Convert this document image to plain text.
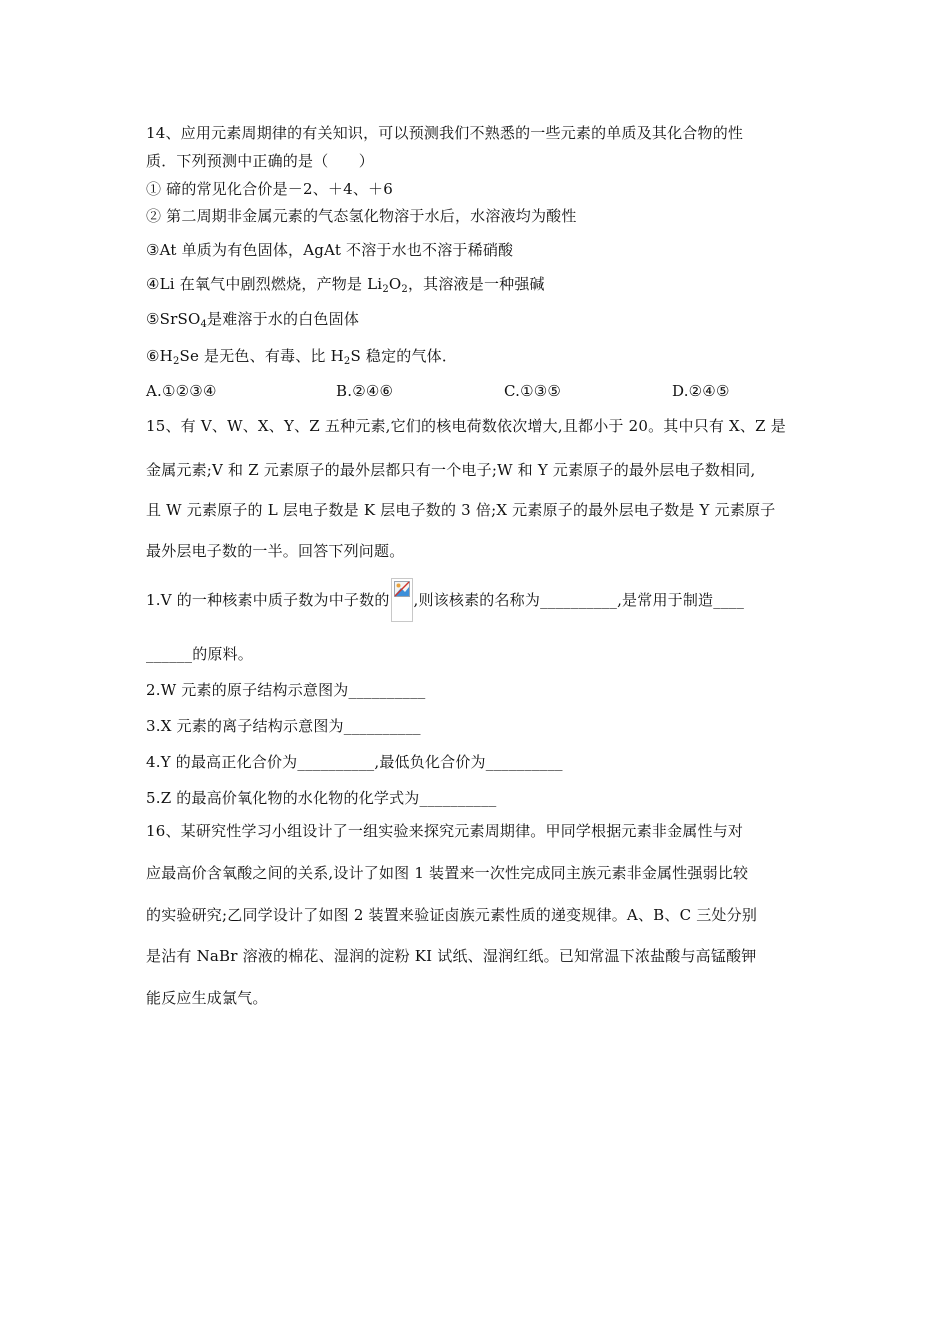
14、应用元素周期律的有关知识，可以预测我们不熟悉的一些元素的单质及其化合物的性
质．下列预测中正确的是（　　）
① 碲的常见化合价是－2、＋4、＋6
② 第二周期非金属元素的气态氢化物溶于水后，水溶液均为酸性
③At 单质为有色固体，AgAt 不溶于水也不溶于稀硝酸
④Li 在氧气中剧烈燃烧，产物是 $Li_2O_2$，其溶液是一种强碱
⑤SrSO$_4$是难溶于水的白色固体
$⑥H_2Se$ 是无色、有毒、比 $H_2S$ 稳定的气体．
A.①②③④	B.②④⑥	C.①③⑤	D.②④⑤
15、有 V、W、X、Y、Z 五种元素,它们的核电荷数依次增大,且都小于 20。其中只有 X、Z 是
金属元素;V 和 Z 元素原子的最外层都只有一个电子;W 和 Y 元素原子的最外层电子数相同,
且 W 元素原子的 L 层电子数是 K 层电子数的 3 倍;X 元素原子的最外层电子数是 Y 元素原子
最外层电子数的一半。回答下列问题。
1.V 的一种核素中质子数为中子数的 ,则该核素的名称为__________,是常用于制造____
______的原料。
2.W 元素的原子结构示意图为__________
3.X 元素的离子结构示意图为__________
4.Y 的最高正化合价为__________,最低负化合价为__________
5.Z 的最高价氧化物的水化物的化学式为__________
16、某研究性学习小组设计了一组实验来探究元素周期律。甲同学根据元素非金属性与对
应最高价含氧酸之间的关系,设计了如图 1 装置来一次性完成同主族元素非金属性强弱比较
的实验研究;乙同学设计了如图 2 装置来验证卤族元素性质的递变规律。A、B、C 三处分别
是沾有 NaBr 溶液的棉花、湿润的淀粉 KI 试纸、湿润红纸。已知常温下浓盐酸与高锰酸钾
能反应生成氯气。
